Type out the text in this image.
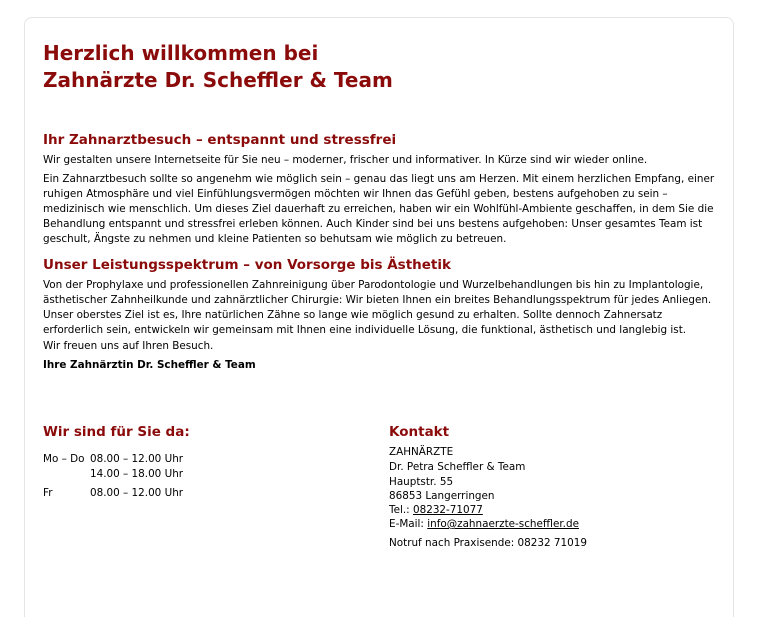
Herzlich willkommen bei
Zahnärzte Dr. Scheffler & Team
Ihr Zahnarztbesuch – entspannt und stressfrei

Wir gestalten unsere Internetseite für Sie neu – moderner, frischer und informativer. In Kürze sind wir wieder online.

Ein Zahnarztbesuch sollte so angenehm wie möglich sein – genau das liegt uns am Herzen. Mit einem herzlichen Empfang, einer ruhigen Atmosphäre und viel Einfühlungsvermögen möchten wir Ihnen das Gefühl geben, bestens aufgehoben zu sein – medizinisch wie menschlich. Um dieses Ziel dauerhaft zu erreichen, haben wir ein Wohlfühl-Ambiente geschaffen, in dem Sie die Behandlung entspannt und stressfrei erleben können. Auch Kinder sind bei uns bestens aufgehoben: Unser gesamtes Team ist geschult, Ängste zu nehmen und kleine Patienten so behutsam wie möglich zu betreuen.

Unser Leistungsspektrum – von Vorsorge bis Ästhetik

Von der Prophylaxe und professionellen Zahnreinigung über Parodontologie und Wurzelbehandlungen bis hin zu Implantologie, ästhetischer Zahnheilkunde und zahnärztlicher Chirurgie: Wir bieten Ihnen ein breites Behandlungsspektrum für jedes Anliegen. Unser oberstes Ziel ist es, Ihre natürlichen Zähne so lange wie möglich gesund zu erhalten. Sollte dennoch Zahnersatz erforderlich sein, entwickeln wir gemeinsam mit Ihnen eine individuelle Lösung, die funktional, ästhetisch und langlebig ist.

Wir freuen uns auf Ihren Besuch.

Ihre Zahnärztin Dr. Scheffler & Team

Wir sind für Sie da:
Mo – Do 08.00 – 12.00 Uhr
14.00 – 18.00 Uhr
Fr	08.00 – 12.00 Uhr
Kontakt
ZAHNÄRZTE
Dr. Petra Scheffler & Team
Hauptstr. 55
86853 Langerringen
Tel.: 08232-71077
E-Mail: info@zahnaerzte-scheffler.de
Notruf nach Praxisende: 08232 71019
